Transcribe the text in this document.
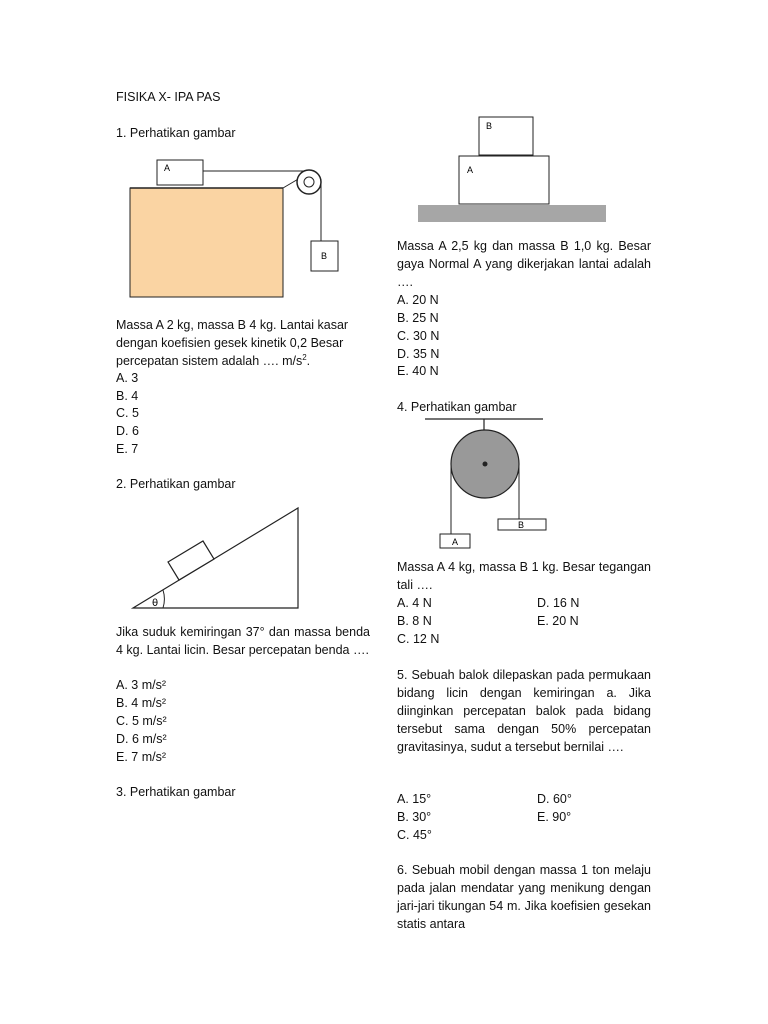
FISIKA X- IPA PAS
1. Perhatikan gambar
A
B
Massa A 2 kg, massa B 4 kg. Lantai kasar dengan koefisien gesek kinetik 0,2 Besar percepatan sistem adalah …. $m/s^2$.
A. 3
B. 4
C. 5
D. 6
E. 7
2. Perhatikan gambar
θ
Jika suduk kemiringan 37° dan massa benda 4 kg. Lantai licin. Besar percepatan benda ….
A. 3 m/s²
B. 4 m/s²
C. 5 m/s²
D. 6 m/s²
E. 7 m/s²
3. Perhatikan gambar
B
A
Massa A 2,5 kg dan massa B 1,0 kg. Besar gaya Normal A yang dikerjakan lantai adalah ….
A. 20 N
B. 25 N
C. 30 N
D. 35 N
E. 40 N
4. Perhatikan gambar
A
B
Massa A 4 kg, massa B 1 kg. Besar tegangan tali ….
A. 4 N
B. 8 N
C. 12 N
D. 16 N
E. 20 N
5. Sebuah balok dilepaskan pada permukaan bidang licin dengan kemiringan a. Jika diinginkan percepatan balok pada bidang tersebut sama dengan 50% percepatan gravitasinya, sudut a tersebut bernilai ….
A. 15°
B. 30°
C. 45°
D. 60°
E. 90°
6. Sebuah mobil dengan massa 1 ton melaju pada jalan mendatar yang menikung dengan jari-jari tikungan 54 m. Jika koefisien gesekan statis antara
